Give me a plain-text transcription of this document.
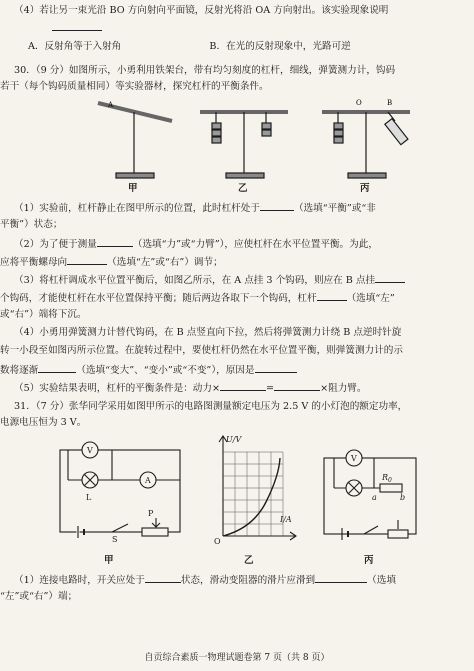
（4）若让另一束光沿 BO 方向射向平面镜，反射光将沿 OA 方向射出。该实验现象说明
A．反射角等于入射角	B．在光的反射现象中，光路可逆
30．（9 分）如图所示，小勇利用铁架台，带有均匀刻度的杠杆，细线，弹簧测力计，钩码
若干（每个钩码质量相同）等实验器材，探究杠杆的平衡条件。
A	O	B
甲	乙	丙
（1）实验前，杠杆静止在图甲所示的位置，此时杠杆处于	（选填“平衡”或“非
平衡”）状态；
（2）为了便于测量	（选填“力”或“力臂”），应使杠杆在水平位置平衡。为此，
应将平衡螺母向	（选填“左”或“右”）调节；
（3）将杠杆调成水平位置平衡后，如图乙所示，在 A 点挂 3 个钩码，则应在 B 点挂
个钩码，才能使杠杆在水平位置保持平衡；随后两边各取下一个钩码，杠杆	（选填“左”
或“右”）端将下沉。
（4）小勇用弹簧测力计替代钩码，在 B 点竖直向下拉，然后将弹簧测力计绕 B 点逆时针旋
转一小段至如图丙所示位置。在旋转过程中，要使杠杆仍然在水平位置平衡，则弹簧测力计的示
数将逐渐	（选填“变大”、“变小”或“不变”），原因是
（5）实验结果表明，杠杆的平衡条件是：动力×	=	×阻力臂。
31．（7 分）张华同学采用如图甲所示的电路图测量额定电压为 2.5 V 的小灯泡的额定功率，
电源电压恒为 3 V。
V
A
L
S
P
U/V
O
I/A
V
$R_0$
a	b
甲	乙	丙
（1）连接电路时，开关应处于	状态，滑动变阻器的滑片应滑到	（选填
“左”或“右”）端；
自贡综合素质一物理试题卷第 7 页（共 8 页）
